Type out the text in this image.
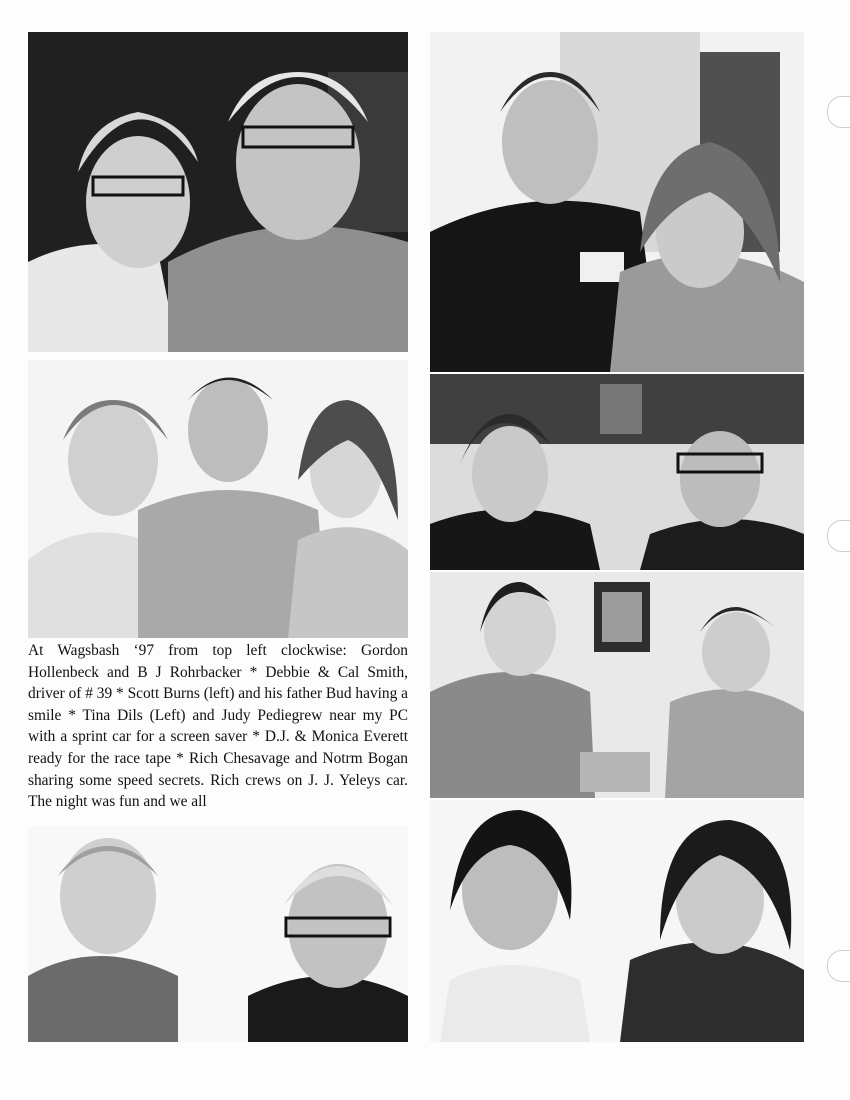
At Wagsbash ‘97 from top left clockwise: Gordon Hollenbeck and B J Rohrbacker * Debbie & Cal Smith, driver of # 39 * Scott Burns (left) and his father Bud having a smile * Tina Dils (Left) and Judy Pediegrew near my PC with a sprint car for a screen saver * D.J. & Monica Everett ready for the race tape * Rich Chesavage and Notrm Bogan sharing some speed secrets. Rich crews on J. J. Yeleys car. The night was fun and we all
